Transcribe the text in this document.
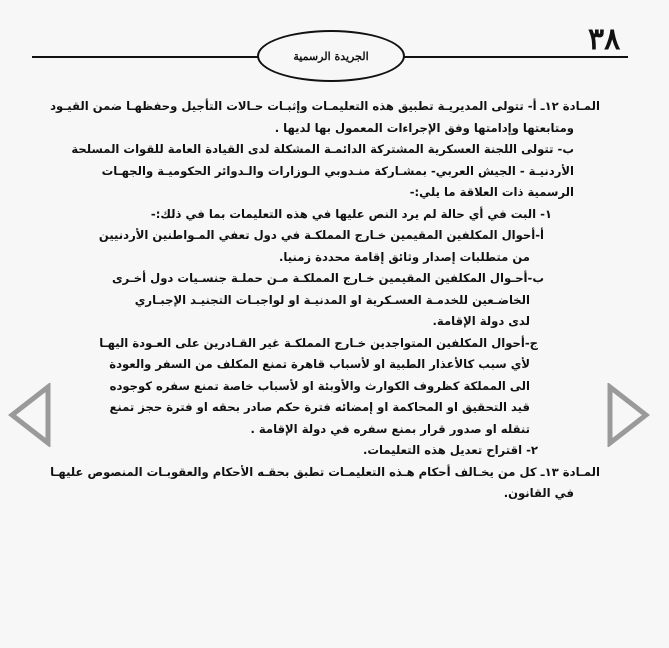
٣٨
الجريدة الرسمية
المـادة ١٢ـ أ- تتولى المديريـة تطبيق هذه التعليمـات وإثبـات حـالات التأجيل وحفظهـا ضمن القيـود
ومتابعتها وإدامتها وفق الإجراءات المعمول بها لديها .
ب- تتولى اللجنة العسكرية المشتركة الدائمـة المشكلة لدى القيادة العامة للقوات المسلحة
الأردنيـة - الجيش العربي- بمشـاركة منـدوبي الـوزارات والـدوائر الحكوميـة والجهـات
الرسمية ذات العلاقة ما يلي:-
١- البت في أي حالة لم يرد النص عليها في هذه التعليمات بما في ذلك:-
أ-أحوال المكلفين المقيمين خـارج المملكـة في دول تعفي المـواطنين الأردنيين
من متطلبات إصدار وثائق إقامة محددة زمنيا.
ب-أحـوال المكلفين المقيمين خـارج المملكـة مـن حملـة جنسـيات دول أخـرى
الخاضـعين للخدمـة العسـكرية او المدنيـة او لواجبـات التجنيـد الإجبـاري
لدى دولة الإقامة.
ج-أحوال المكلفين المتواجدين خـارج المملكـة غير القـادرين على العـودة اليهـا
لأي سبب كالأعذار الطبية او لأسباب قاهرة تمنع المكلف من السفر والعودة
الى المملكة كظروف الكوارث والأوبئة او لأسباب خاصة تمنع سفره كوجوده
قيد التحقيق او المحاكمة او إمضائه فترة حكم صادر بحقه او فترة حجز تمنع
تنقله او صدور قرار بمنع سفره في دولة الإقامة .
٢- اقتراح تعديل هذه التعليمات.
المـادة ١٣ـ كل من يخـالف أحكام هـذه التعليمـات تطبق بحقـه الأحكام والعقوبـات المنصوص عليهـا
في القانون.
